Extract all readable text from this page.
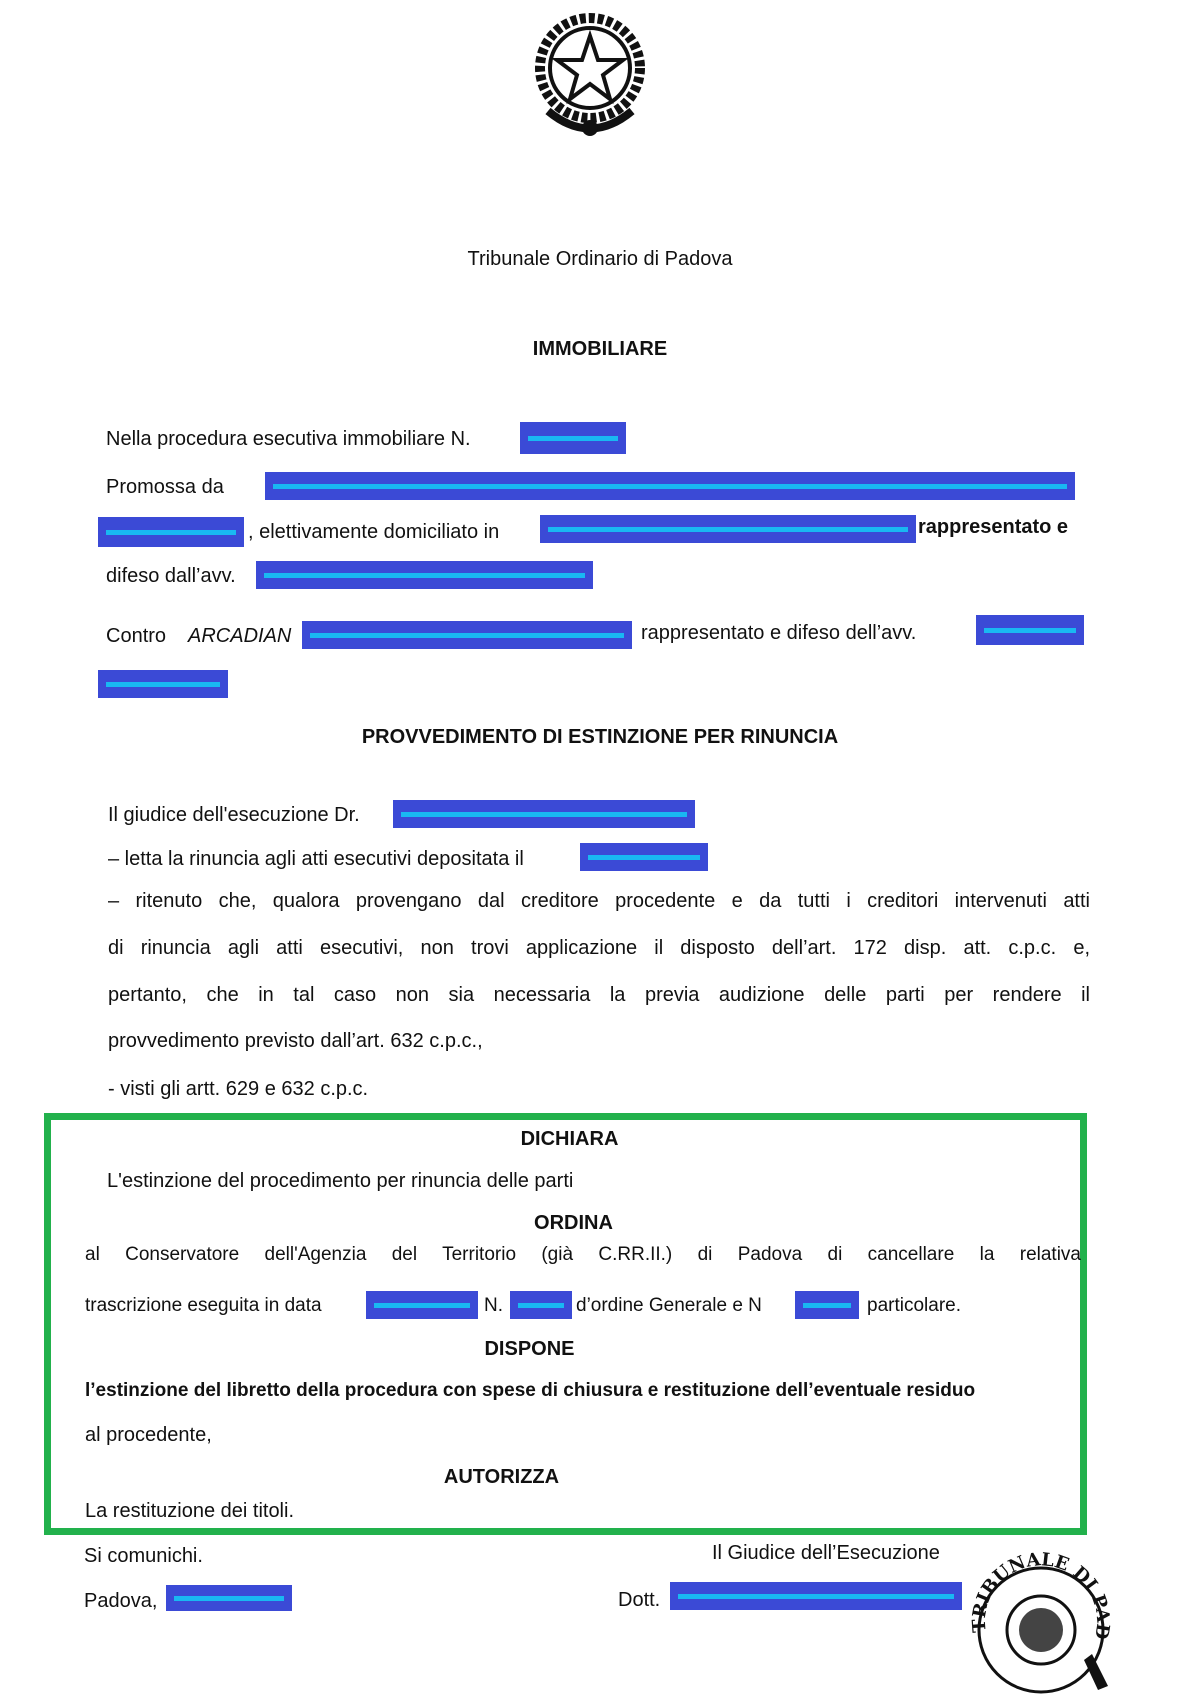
Tribunale Ordinario di Padova
IMMOBILIARE
Nella procedura esecutiva immobiliare N.
Promossa da
, elettivamente domiciliato in	rappresentato e
difeso dall’avv.
Contro ARCADIAN	rappresentato e difeso dell’avv.
PROVVEDIMENTO DI ESTINZIONE PER RINUNCIA
Il giudice dell'esecuzione Dr.
– letta la rinuncia agli atti esecutivi depositata il
– ritenuto che, qualora provengano dal creditore procedente e da tutti i creditori intervenuti atti
di rinuncia agli atti esecutivi, non trovi applicazione il disposto dell’art. 172 disp. att. c.p.c. e,
pertanto, che in tal caso non sia necessaria la previa audizione delle parti per rendere il
provvedimento previsto dall’art. 632 c.p.c.,
- visti gli artt. 629 e 632 c.p.c.
DICHIARA
L'estinzione del procedimento per rinuncia delle parti
ORDINA
al Conservatore dell'Agenzia del Territorio (già C.RR.II.) di Padova di cancellare la relativa
trascrizione eseguita in data	N.	d’ordine Generale e N	particolare.
DISPONE
l’estinzione del libretto della procedura con spese di chiusura e restituzione dell’eventuale residuo
al procedente,
AUTORIZZA
La restituzione dei titoli.
Si comunichi.	Il Giudice dell’Esecuzione
Padova,	Dott.
TRIBUNALE DI PAD
